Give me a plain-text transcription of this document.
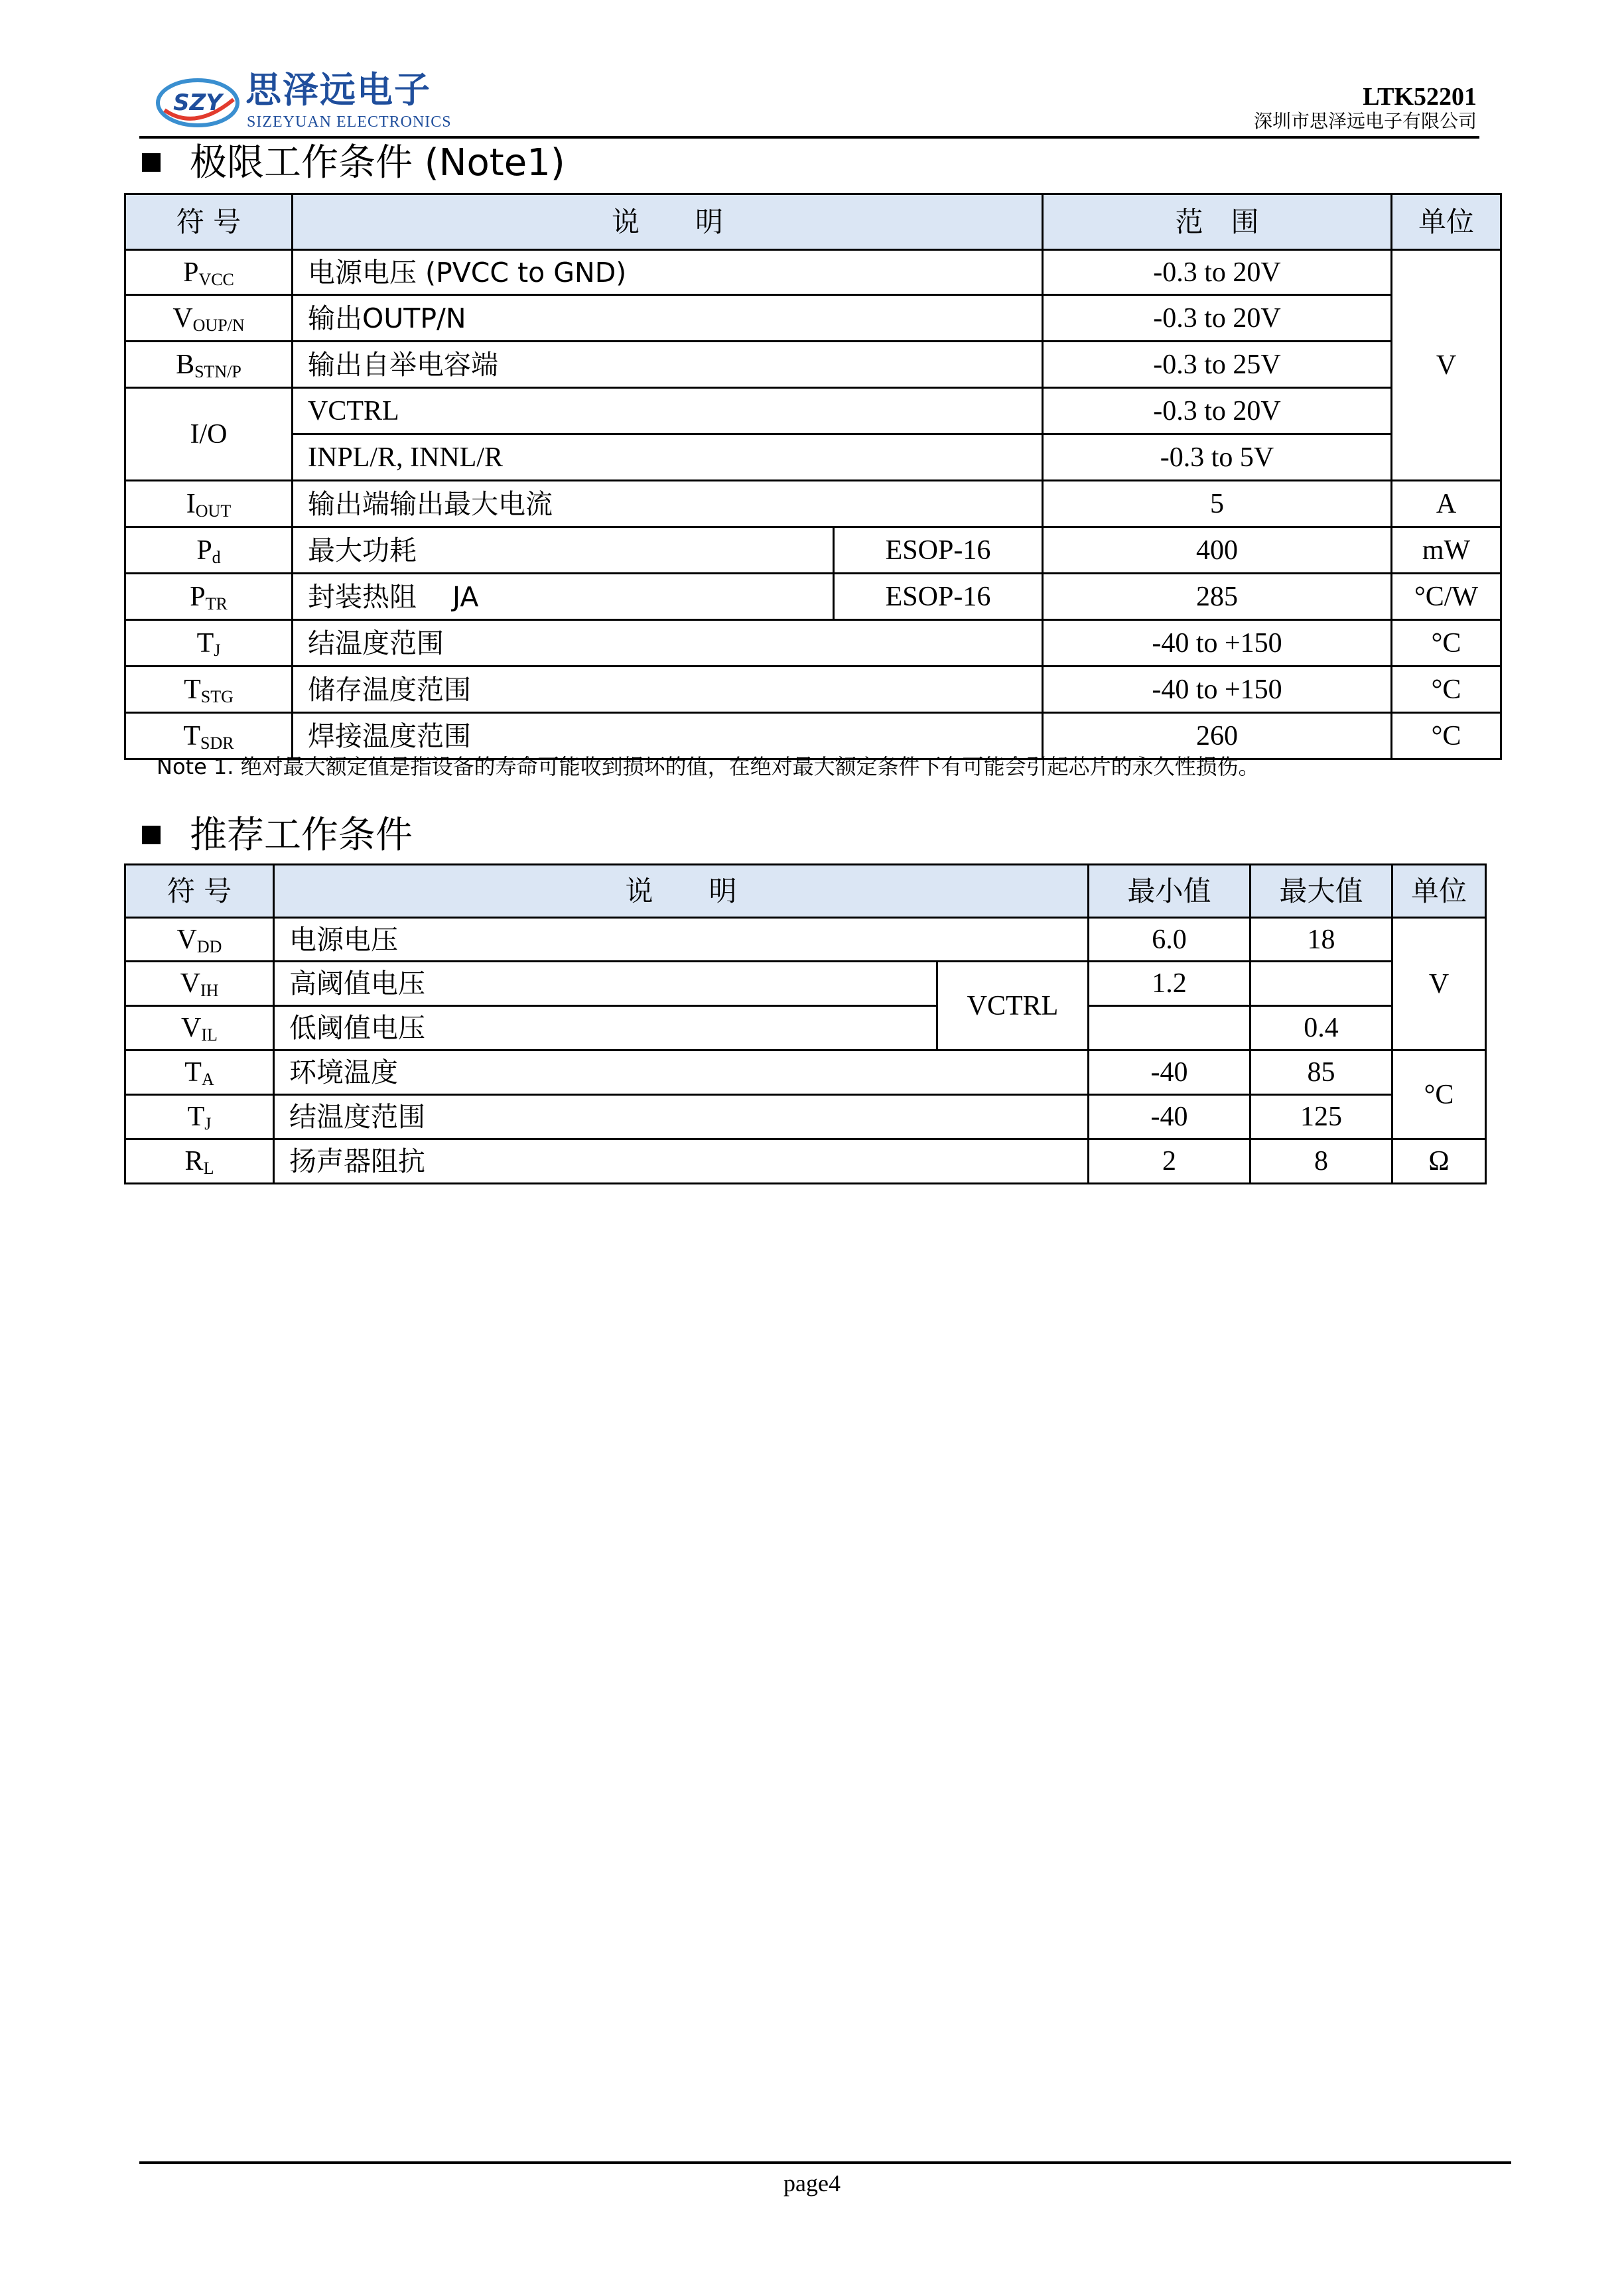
SZY 思泽远电子
SIZEYUAN ELECTRONICS
LTK52201
深圳市思泽远电子有限公司
极限工作条件 (Note1)
符 号	说　　明		范　围	单位
$P_{VCC}$	电源电压 (PVCC to GND)		-0.3 to 20V	V
$V_{OUP/N}$	输出OUTP/N		-0.3 to 20V	
$B_{STN/P}$	输出自举电容端		-0.3 to 25V	
I/O	VCTRL		-0.3 to 20V	
	INPL/R, INNL/R		-0.3 to 5V	
$I_{OUT}$	输出端输出最大电流		5	A
$P_d$	最大功耗	ESOP-16	400	mW
$P_{TR}$	封装热阻　 JA	ESOP-16	285	°C/W
$T_J$	结温度范围		-40 to +150	°C
$T_{STG}$	储存温度范围		-40 to +150	°C
$T_{SDR}$	焊接温度范围		260	°C
Note 1. 绝对最大额定值是指设备的寿命可能收到损坏的值，在绝对最大额定条件下有可能会引起芯片的永久性损伤。
推荐工作条件
符 号	说　　明		最小值	最大值	单位
$V_{DD}$	电源电压		6.0	18	V
$V_{IH}$	高阈值电压	VCTRL	1.2		
$V_{IL}$	低阈值电压			0.4	
$T_A$	环境温度		-40	85	°C
$T_J$	结温度范围		-40	125	
$R_L$	扬声器阻抗		2	8	Ω
page4
